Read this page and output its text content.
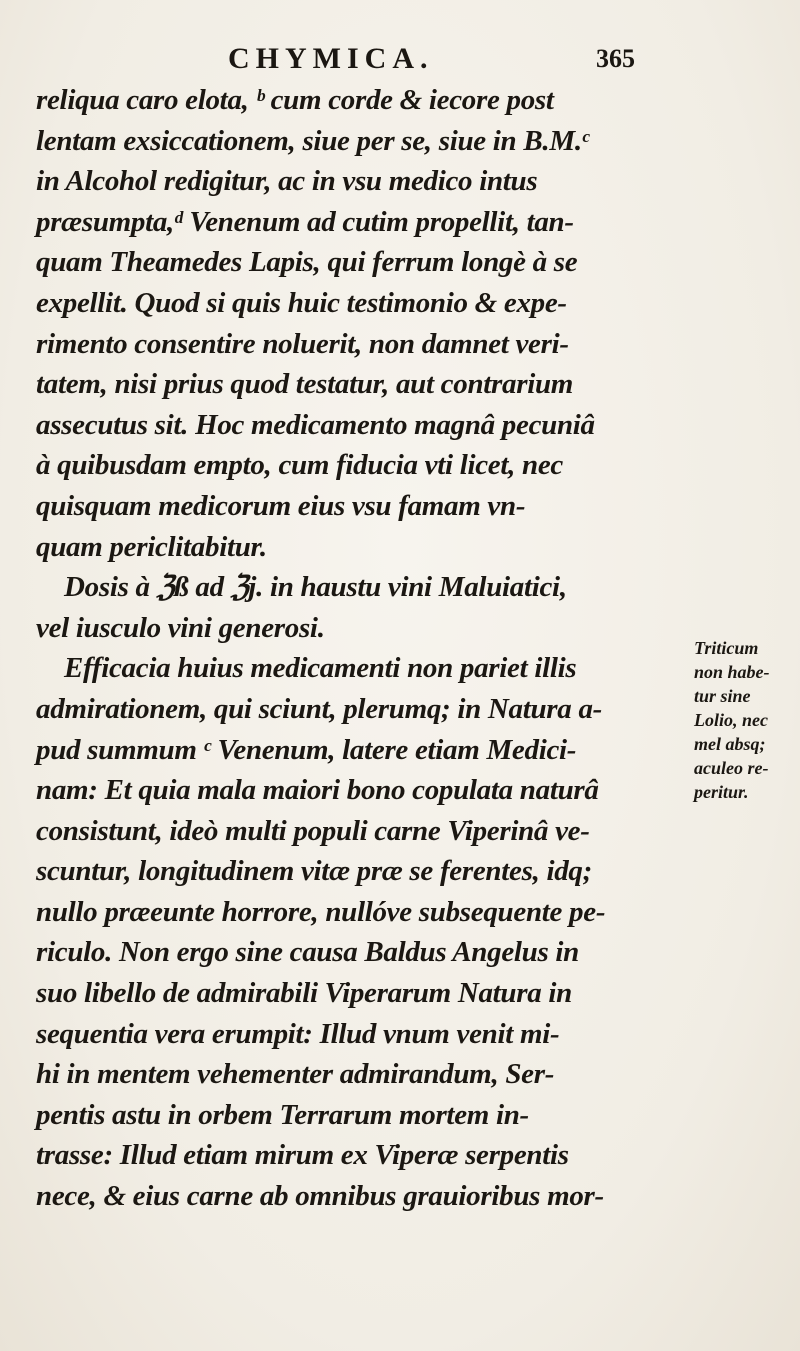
CHYMICA.	365
reliqua caro elota, ᵇ cum corde & iecore post
lentam exsiccationem, siue per se, siue in B.M.ᶜ
in Alcohol redigitur, ac in vsu medico intus
præsumpta,ᵈ Venenum ad cutim propellit, tan-
quam Theamedes Lapis, qui ferrum longè à se
expellit. Quod si quis huic testimonio & expe-
rimento consentire noluerit, non damnet veri-
tatem, nisi prius quod testatur, aut contrarium
assecutus sit. Hoc medicamento magnâ pecuniâ
à quibusdam empto, cum fiducia vti licet, nec
quisquam medicorum eius vsu famam vn-
quam periclitabitur.
Dosis à ℨß ad ℨj. in haustu vini Maluiatici,
vel iusculo vini generosi.
Efficacia huius medicamenti non pariet illis
admirationem, qui sciunt, plerumq; in Natura a-
pud summum ᶜ Venenum, latere etiam Medici-
nam: Et quia mala maiori bono copulata naturâ
consistunt, ideò multi populi carne Viperinâ ve-
scuntur, longitudinem vitæ præ se ferentes, idq;
nullo præeunte horrore, nullóve subsequente pe-
riculo. Non ergo sine causa Baldus Angelus in
suo libello de admirabili Viperarum Natura in
sequentia vera erumpit: Illud vnum venit mi-
hi in mentem vehementer admirandum, Ser-
pentis astu in orbem Terrarum mortem in-
trasse: Illud etiam mirum ex Viperæ serpentis
nece, & eius carne ab omnibus grauioribus mor-
Triticum
non habe-
tur sine
Lolio, nec
mel absq;
aculeo re-
peritur.
